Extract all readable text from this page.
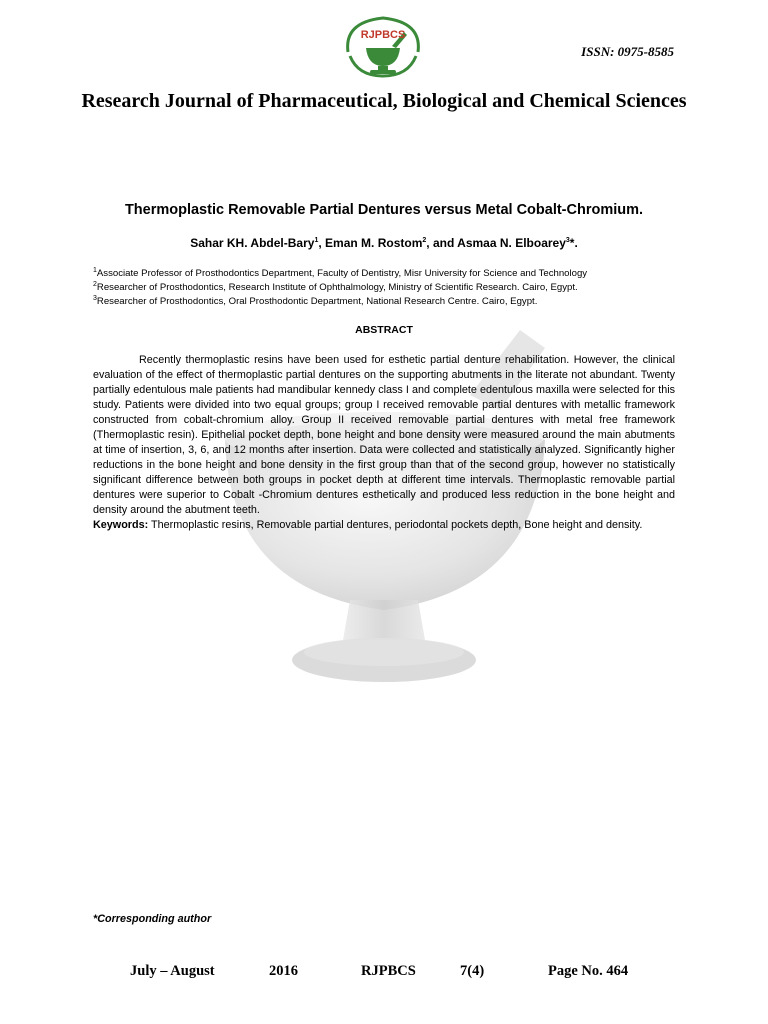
RJPBCS
ISSN: 0975-8585
Research Journal of Pharmaceutical, Biological and Chemical Sciences
Thermoplastic Removable Partial Dentures versus Metal Cobalt-Chromium.
Sahar KH. Abdel-Bary$^1$, Eman M. Rostom$^2$, and Asmaa N. Elboarey$^3$*.
$^1$Associate Professor of Prosthodontics Department, Faculty of Dentistry, Misr University for Science and Technology
$^2$Researcher of Prosthodontics, Research Institute of Ophthalmology, Ministry of Scientific Research. Cairo, Egypt.
$^3$Researcher of Prosthodontics, Oral Prosthodontic Department, National Research Centre. Cairo, Egypt.
ABSTRACT

Recently thermoplastic resins have been used for esthetic partial denture rehabilitation. However, the clinical evaluation of the effect of thermoplastic partial dentures on the supporting abutments in the literate not abundant. Twenty partially edentulous male patients had mandibular kennedy class I and complete edentulous maxilla were selected for this study. Patients were divided into two equal groups; group I received removable partial dentures with metallic framework constructed from cobalt-chromium alloy. Group II received removable partial dentures with metal free framework (Thermoplastic resin). Epithelial pocket depth, bone height and bone density were measured around the main abutments at time of insertion, 3, 6, and 12 months after insertion. Data were collected and statistically analyzed. Significantly higher reductions in the bone height and bone density in the first group than that of the second group, however no statistically significant difference between both groups in pocket depth at different time intervals. Thermoplastic removable partial dentures were superior to Cobalt -Chromium dentures esthetically and produced less reduction in the bone height and density around the abutment teeth.

Keywords: Thermoplastic resins, Removable partial dentures, periodontal pockets depth, Bone height and density.

*Corresponding author
July – August	2016	RJPBCS	7(4)	Page No. 464
